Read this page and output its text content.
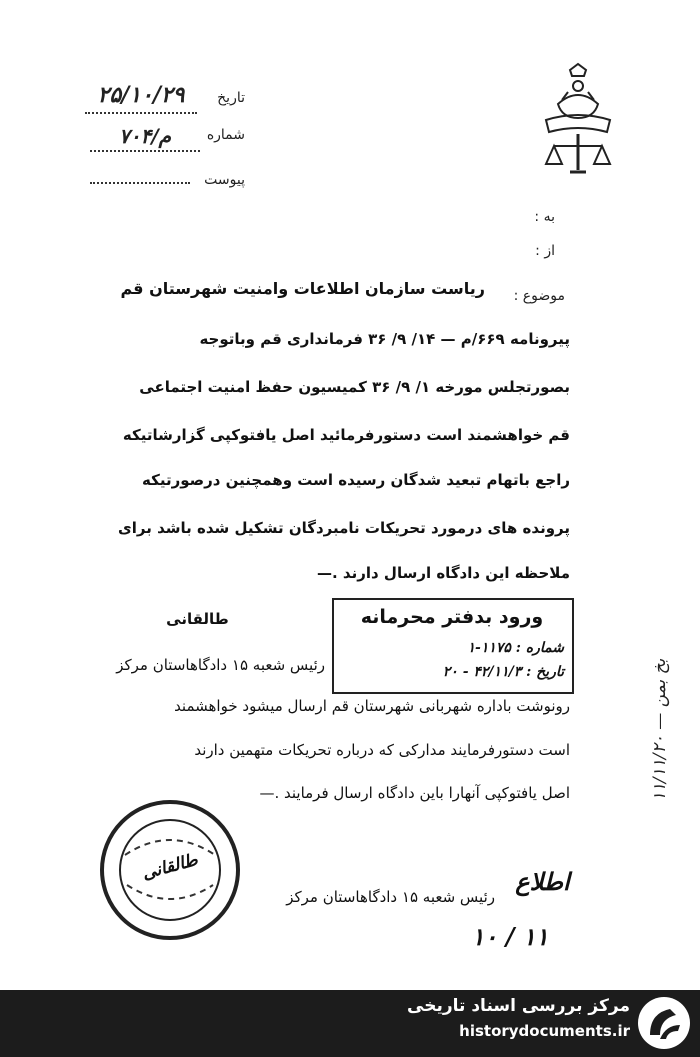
تاریخ
۲۵/۱۰/۲۹
شماره
م/۷۰۴
پیوست
به :
از :
موضوع :
ریاست سازمان اطلاعات وامنیت شهرستان قم
پیرونامه ۶۶۹/م — ۱۴/ ۹/ ۳۶ فرمانداری قم وباتوجه
بصورتجلس مورخه ۱/ ۹/ ۳۶ کمیسیون حفظ امنیت اجتماعی
قم خواهشمند است دستورفرمائید اصل یافتوکپی گزارشاتیکه
راجع باتهام تبعید شدگان رسیده است وهمچنین درصورتیکه
پرونده های درمورد تحریکات نامبردگان تشکیل شده باشد برای
ملاحظه این دادگاه ارسال دارند .—
طالقانی	ورود بدفتر محرمانه
شماره : ۱۱۷۵-۱
تاریخ : ۴۲/۱۱/۳ - ۲۰
رئیس شعبه ۱۵ دادگاهاستان مرکز
رونوشت باداره شهربانی شهرستان قم ارسال میشود خواهشمند
است دستورفرمایند مدارکی که درباره تحریکات متهمین دارند
اصل یافتوکپی آنهارا باین دادگاه ارسال فرمایند .—	بخ بمن — ۱۱/۱۱/۲۰
طالقانی	اطلاع
رئیس شعبه ۱۵ دادگاهاستان مرکز
۱۰ / ۱۱
مرکز بررسی اسناد تاریخی
historydocuments.ir
